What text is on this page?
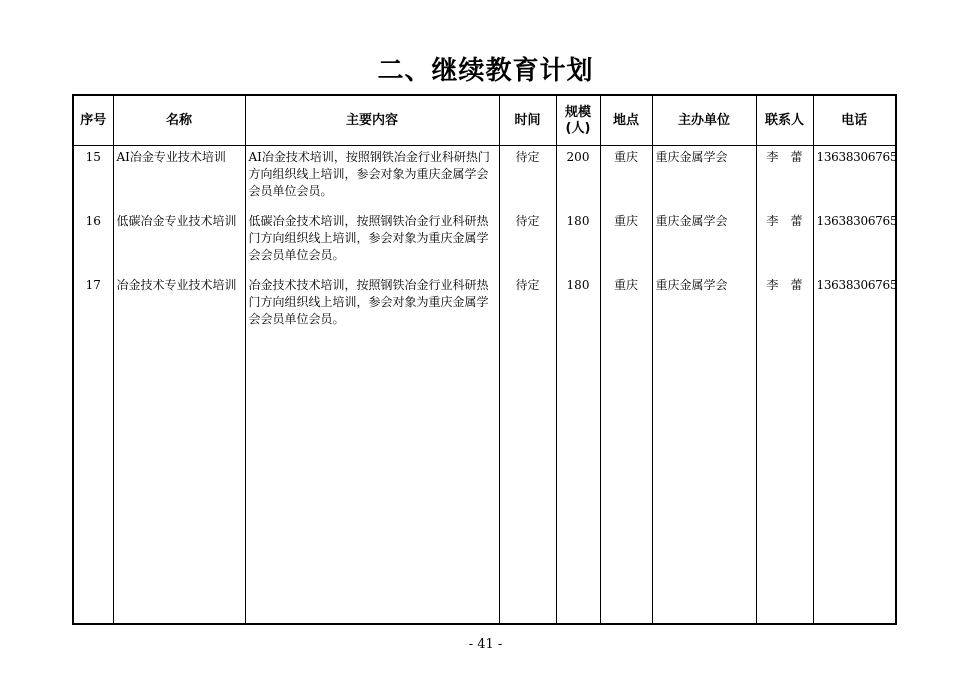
二、继续教育计划
序号	名称	主要内容	时间	规模(人)	地点	主办单位	联系人	电话
15	AI冶金专业技术培训	AI冶金技术培训，按照钢铁冶金行业科研热门方向组织线上培训，参会对象为重庆金属学会会员单位会员。	待定	200	重庆	重庆金属学会	李　蕾	13638306765
16	低碳冶金专业技术培训	低碳冶金技术培训，按照钢铁冶金行业科研热门方向组织线上培训，参会对象为重庆金属学会会员单位会员。	待定	180	重庆	重庆金属学会	李　蕾	13638306765
17	冶金技术专业技术培训	冶金技术技术培训，按照钢铁冶金行业科研热门方向组织线上培训，参会对象为重庆金属学会会员单位会员。	待定	180	重庆	重庆金属学会	李　蕾	13638306765

- 41 -
